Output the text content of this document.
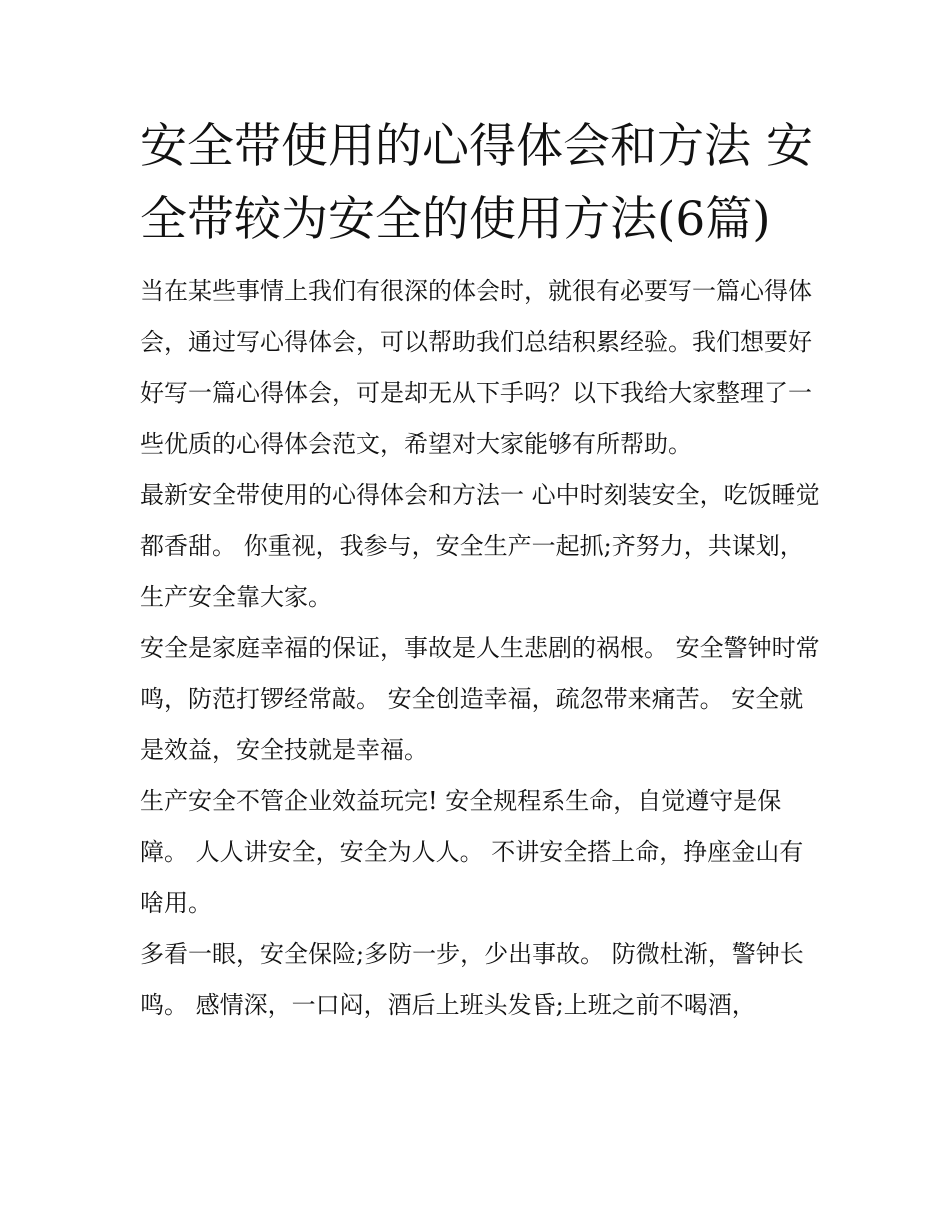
安全带使用的心得体会和方法 安全带较为安全的使用方法(6篇)

当在某些事情上我们有很深的体会时，就很有必要写一篇心得体会，通过写心得体会，可以帮助我们总结积累经验。我们想要好好写一篇心得体会，可是却无从下手吗？以下我给大家整理了一些优质的心得体会范文，希望对大家能够有所帮助。

最新安全带使用的心得体会和方法一 心中时刻装安全，吃饭睡觉都香甜。 你重视，我参与，安全生产一起抓;齐努力，共谋划，生产安全靠大家。

安全是家庭幸福的保证，事故是人生悲剧的祸根。 安全警钟时常鸣，防范打锣经常敲。 安全创造幸福，疏忽带来痛苦。 安全就是效益，安全技就是幸福。

生产安全不管企业效益玩完! 安全规程系生命，自觉遵守是保障。 人人讲安全，安全为人人。 不讲安全搭上命，挣座金山有啥用。

多看一眼，安全保险;多防一步，少出事故。 防微杜渐，警钟长鸣。 感情深，一口闷，酒后上班头发昏;上班之前不喝酒，
